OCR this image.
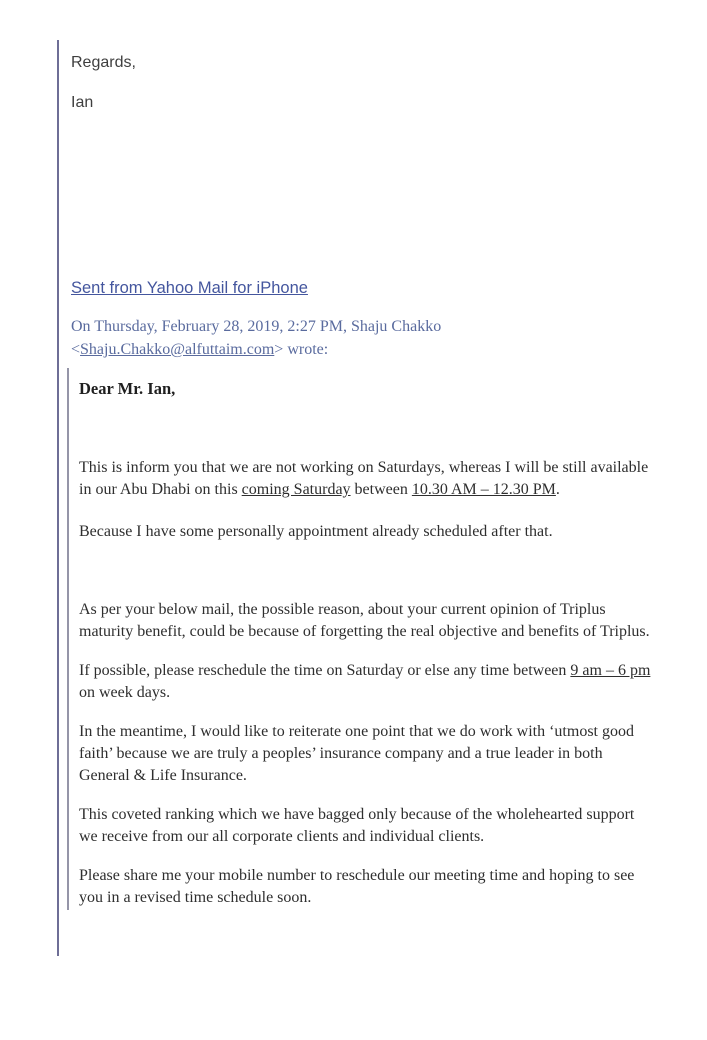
Regards,

Ian

Sent from Yahoo Mail for iPhone
On Thursday, February 28, 2019, 2:27 PM, Shaju Chakko
<Shaju.Chakko@alfuttaim.com> wrote:

Dear Mr. Ian,

This is inform you that we are not working on Saturdays, whereas I will be still available in our Abu Dhabi on this coming Saturday between 10.30 AM – 12.30 PM.

Because I have some personally appointment already scheduled after that.

As per your below mail, the possible reason, about your current opinion of Triplus maturity benefit, could be because of forgetting the real objective and benefits of Triplus.

If possible, please reschedule the time on Saturday or else any time between 9 am – 6 pm on week days.

In the meantime, I would like to reiterate one point that we do work with ‘utmost good faith’ because we are truly a peoples’ insurance company and a true leader in both General & Life Insurance.

This coveted ranking which we have bagged only because of the wholehearted support we receive from our all corporate clients and individual clients.

Please share me your mobile number to reschedule our meeting time and hoping to see you in a revised time schedule soon.
